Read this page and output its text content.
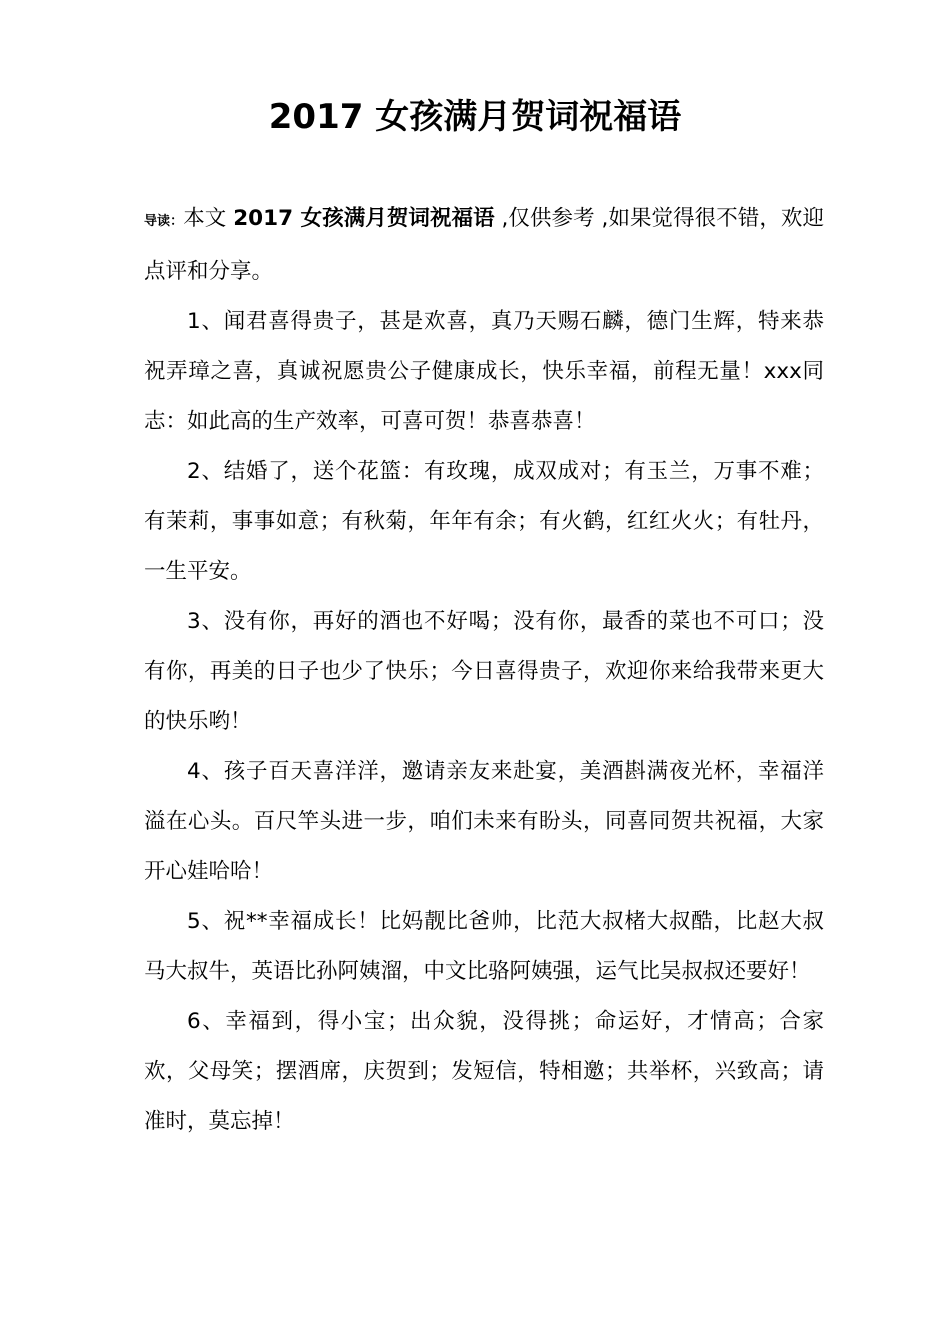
2017 女孩满月贺词祝福语

导读：本文 2017 女孩满月贺词祝福语 ,仅供参考 ,如果觉得很不错，欢迎点评和分享。

1、闻君喜得贵子，甚是欢喜，真乃天赐石麟，德门生辉，特来恭祝弄璋之喜，真诚祝愿贵公子健康成长，快乐幸福，前程无量！xxx同志：如此高的生产效率，可喜可贺！恭喜恭喜！

2、结婚了，送个花篮：有玫瑰，成双成对；有玉兰，万事不难；有茉莉，事事如意；有秋菊，年年有余；有火鹤，红红火火；有牡丹，一生平安。

3、没有你，再好的酒也不好喝；没有你，最香的菜也不可口；没有你，再美的日子也少了快乐；今日喜得贵子，欢迎你来给我带来更大的快乐哟！

4、孩子百天喜洋洋，邀请亲友来赴宴，美酒斟满夜光杯，幸福洋溢在心头。百尺竿头进一步，咱们未来有盼头，同喜同贺共祝福，大家开心娃哈哈！

5、祝**幸福成长！比妈靓比爸帅，比范大叔楮大叔酷，比赵大叔马大叔牛，英语比孙阿姨溜，中文比骆阿姨强，运气比吴叔叔还要好！

6、幸福到，得小宝；出众貌，没得挑；命运好，才情高；合家欢，父母笑；摆酒席，庆贺到；发短信，特相邀；共举杯，兴致高；请准时，莫忘掉！
